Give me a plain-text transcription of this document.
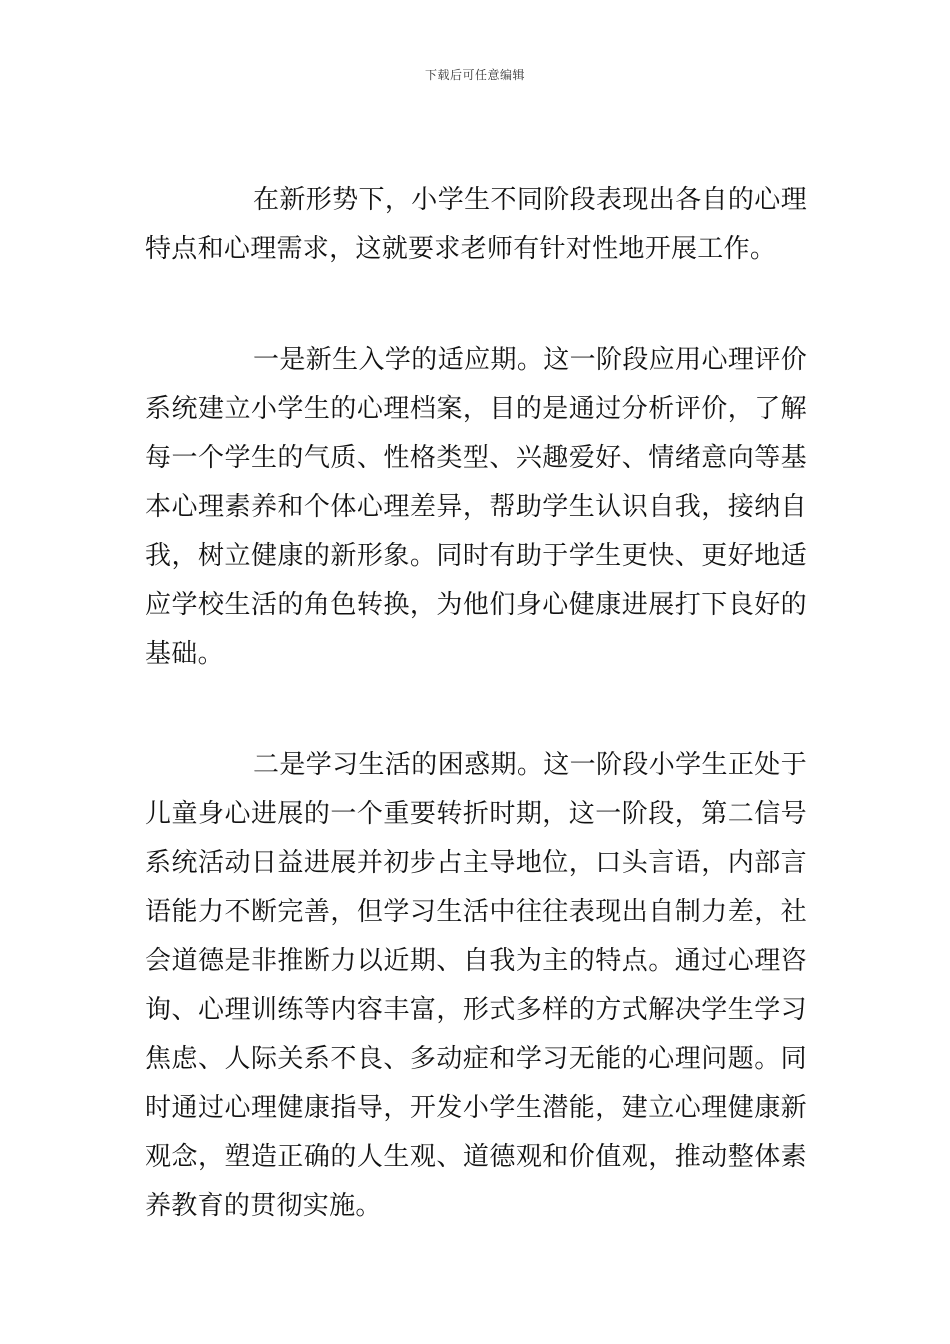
下载后可任意编辑

在新形势下，小学生不同阶段表现出各自的心理特点和心理需求，这就要求老师有针对性地开展工作。

一是新生入学的适应期。这一阶段应用心理评价系统建立小学生的心理档案，目的是通过分析评价，了解每一个学生的气质、性格类型、兴趣爱好、情绪意向等基本心理素养和个体心理差异，帮助学生认识自我，接纳自我，树立健康的新形象。同时有助于学生更快、更好地适应学校生活的角色转换，为他们身心健康进展打下良好的基础。

二是学习生活的困惑期。这一阶段小学生正处于儿童身心进展的一个重要转折时期，这一阶段，第二信号系统活动日益进展并初步占主导地位，口头言语，内部言语能力不断完善，但学习生活中往往表现出自制力差，社会道德是非推断力以近期、自我为主的特点。通过心理咨询、心理训练等内容丰富，形式多样的方式解决学生学习焦虑、人际关系不良、多动症和学习无能的心理问题。同时通过心理健康指导，开发小学生潜能，建立心理健康新观念，塑造正确的人生观、道德观和价值观，推动整体素养教育的贯彻实施。
